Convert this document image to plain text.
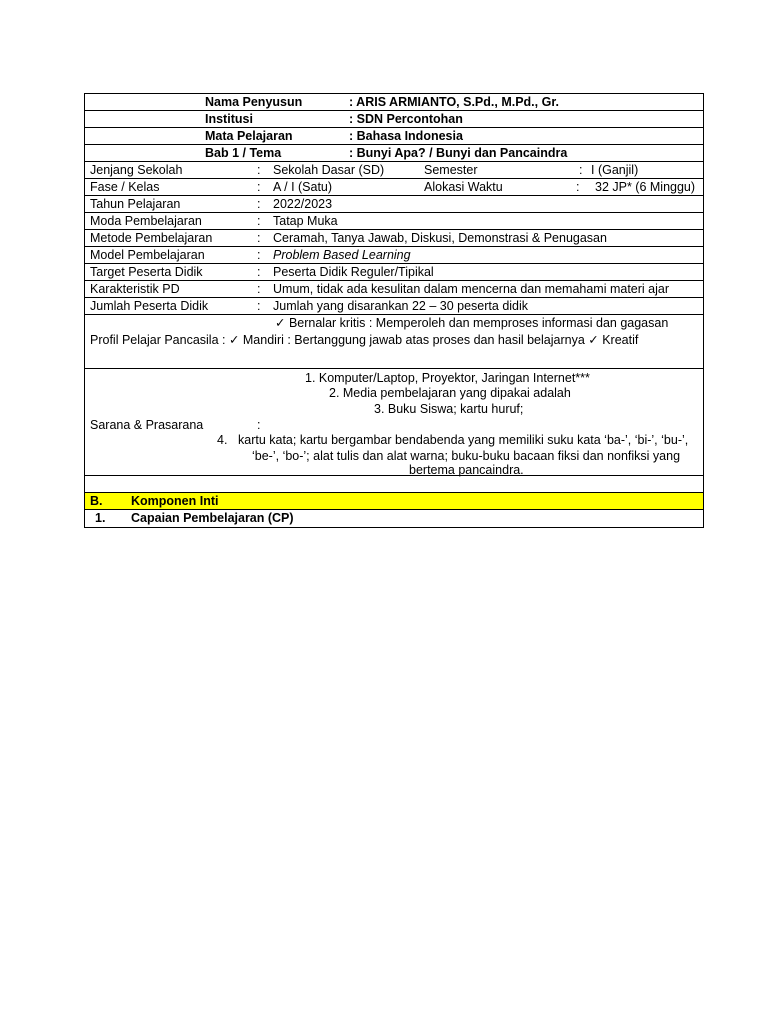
Nama Penyusun	: ARIS ARMIANTO, S.Pd., M.Pd., Gr.
Institusi	: SDN Percontohan
Mata Pelajaran	: Bahasa Indonesia
Bab 1 / Tema	: Bunyi Apa? / Bunyi dan Pancaindra
Jenjang Sekolah	: Sekolah Dasar (SD)	Semester	: I (Ganjil)
Fase / Kelas	: A / I (Satu)	Alokasi Waktu	: 32 JP* (6 Minggu)
Tahun Pelajaran	: 2022/2023
Moda Pembelajaran	: Tatap Muka
Metode Pembelajaran	: Ceramah, Tanya Jawab, Diskusi, Demonstrasi & Penugasan
Model Pembelajaran	: Problem Based Learning
Target Peserta Didik	: Peserta Didik Reguler/Tipikal
Karakteristik PD	: Umum, tidak ada kesulitan dalam mencerna dan memahami materi ajar
Jumlah Peserta Didik	: Jumlah yang disarankan 22 – 30 peserta didik
✓ Bernalar kritis : Memperoleh dan memproses informasi dan gagasan
Profil Pelajar Pancasila : ✓ Mandiri : Bertanggung jawab atas proses dan hasil belajarnya ✓ Kreatif
1. Komputer/Laptop, Proyektor, Jaringan Internet***
2. Media pembelajaran yang dipakai adalah
3. Buku Siswa; kartu huruf;
Sarana & Prasarana	:
4. kartu kata; kartu bergambar bendabenda yang memiliki suku kata ‘ba-’, ‘bi-’, ‘bu-’,
‘be-’, ‘bo-’; alat tulis dan alat warna; buku-buku bacaan fiksi dan nonfiksi yang
bertema pancaindra.
B. Komponen Inti
1. Capaian Pembelajaran (CP)
